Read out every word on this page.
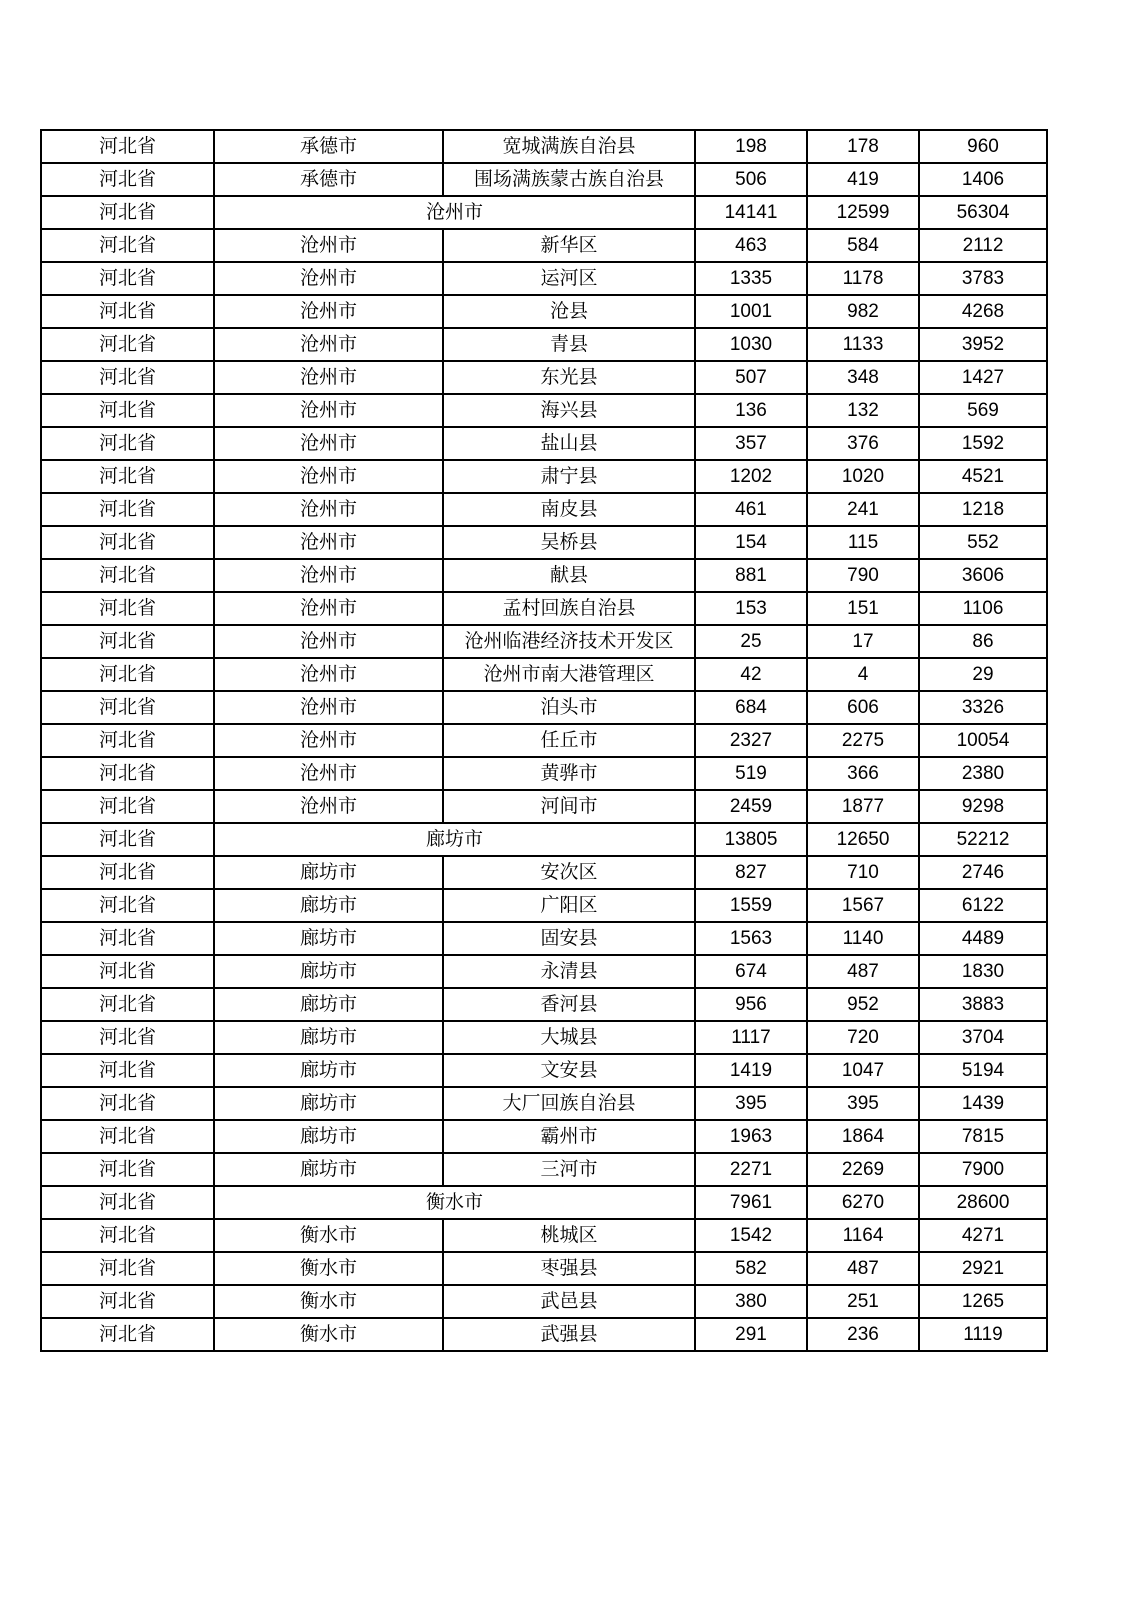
河北省	承德市	宽城满族自治县	198	178	960
河北省	承德市	围场满族蒙古族自治县	506	419	1406
河北省	沧州市		14141	12599	56304
河北省	沧州市	新华区	463	584	2112
河北省	沧州市	运河区	1335	1178	3783
河北省	沧州市	沧县	1001	982	4268
河北省	沧州市	青县	1030	1133	3952
河北省	沧州市	东光县	507	348	1427
河北省	沧州市	海兴县	136	132	569
河北省	沧州市	盐山县	357	376	1592
河北省	沧州市	肃宁县	1202	1020	4521
河北省	沧州市	南皮县	461	241	1218
河北省	沧州市	吴桥县	154	115	552
河北省	沧州市	献县	881	790	3606
河北省	沧州市	孟村回族自治县	153	151	1106
河北省	沧州市	沧州临港经济技术开发区	25	17	86
河北省	沧州市	沧州市南大港管理区	42	4	29
河北省	沧州市	泊头市	684	606	3326
河北省	沧州市	任丘市	2327	2275	10054
河北省	沧州市	黄骅市	519	366	2380
河北省	沧州市	河间市	2459	1877	9298
河北省	廊坊市		13805	12650	52212
河北省	廊坊市	安次区	827	710	2746
河北省	廊坊市	广阳区	1559	1567	6122
河北省	廊坊市	固安县	1563	1140	4489
河北省	廊坊市	永清县	674	487	1830
河北省	廊坊市	香河县	956	952	3883
河北省	廊坊市	大城县	1117	720	3704
河北省	廊坊市	文安县	1419	1047	5194
河北省	廊坊市	大厂回族自治县	395	395	1439
河北省	廊坊市	霸州市	1963	1864	7815
河北省	廊坊市	三河市	2271	2269	7900
河北省	衡水市		7961	6270	28600
河北省	衡水市	桃城区	1542	1164	4271
河北省	衡水市	枣强县	582	487	2921
河北省	衡水市	武邑县	380	251	1265
河北省	衡水市	武强县	291	236	1119
